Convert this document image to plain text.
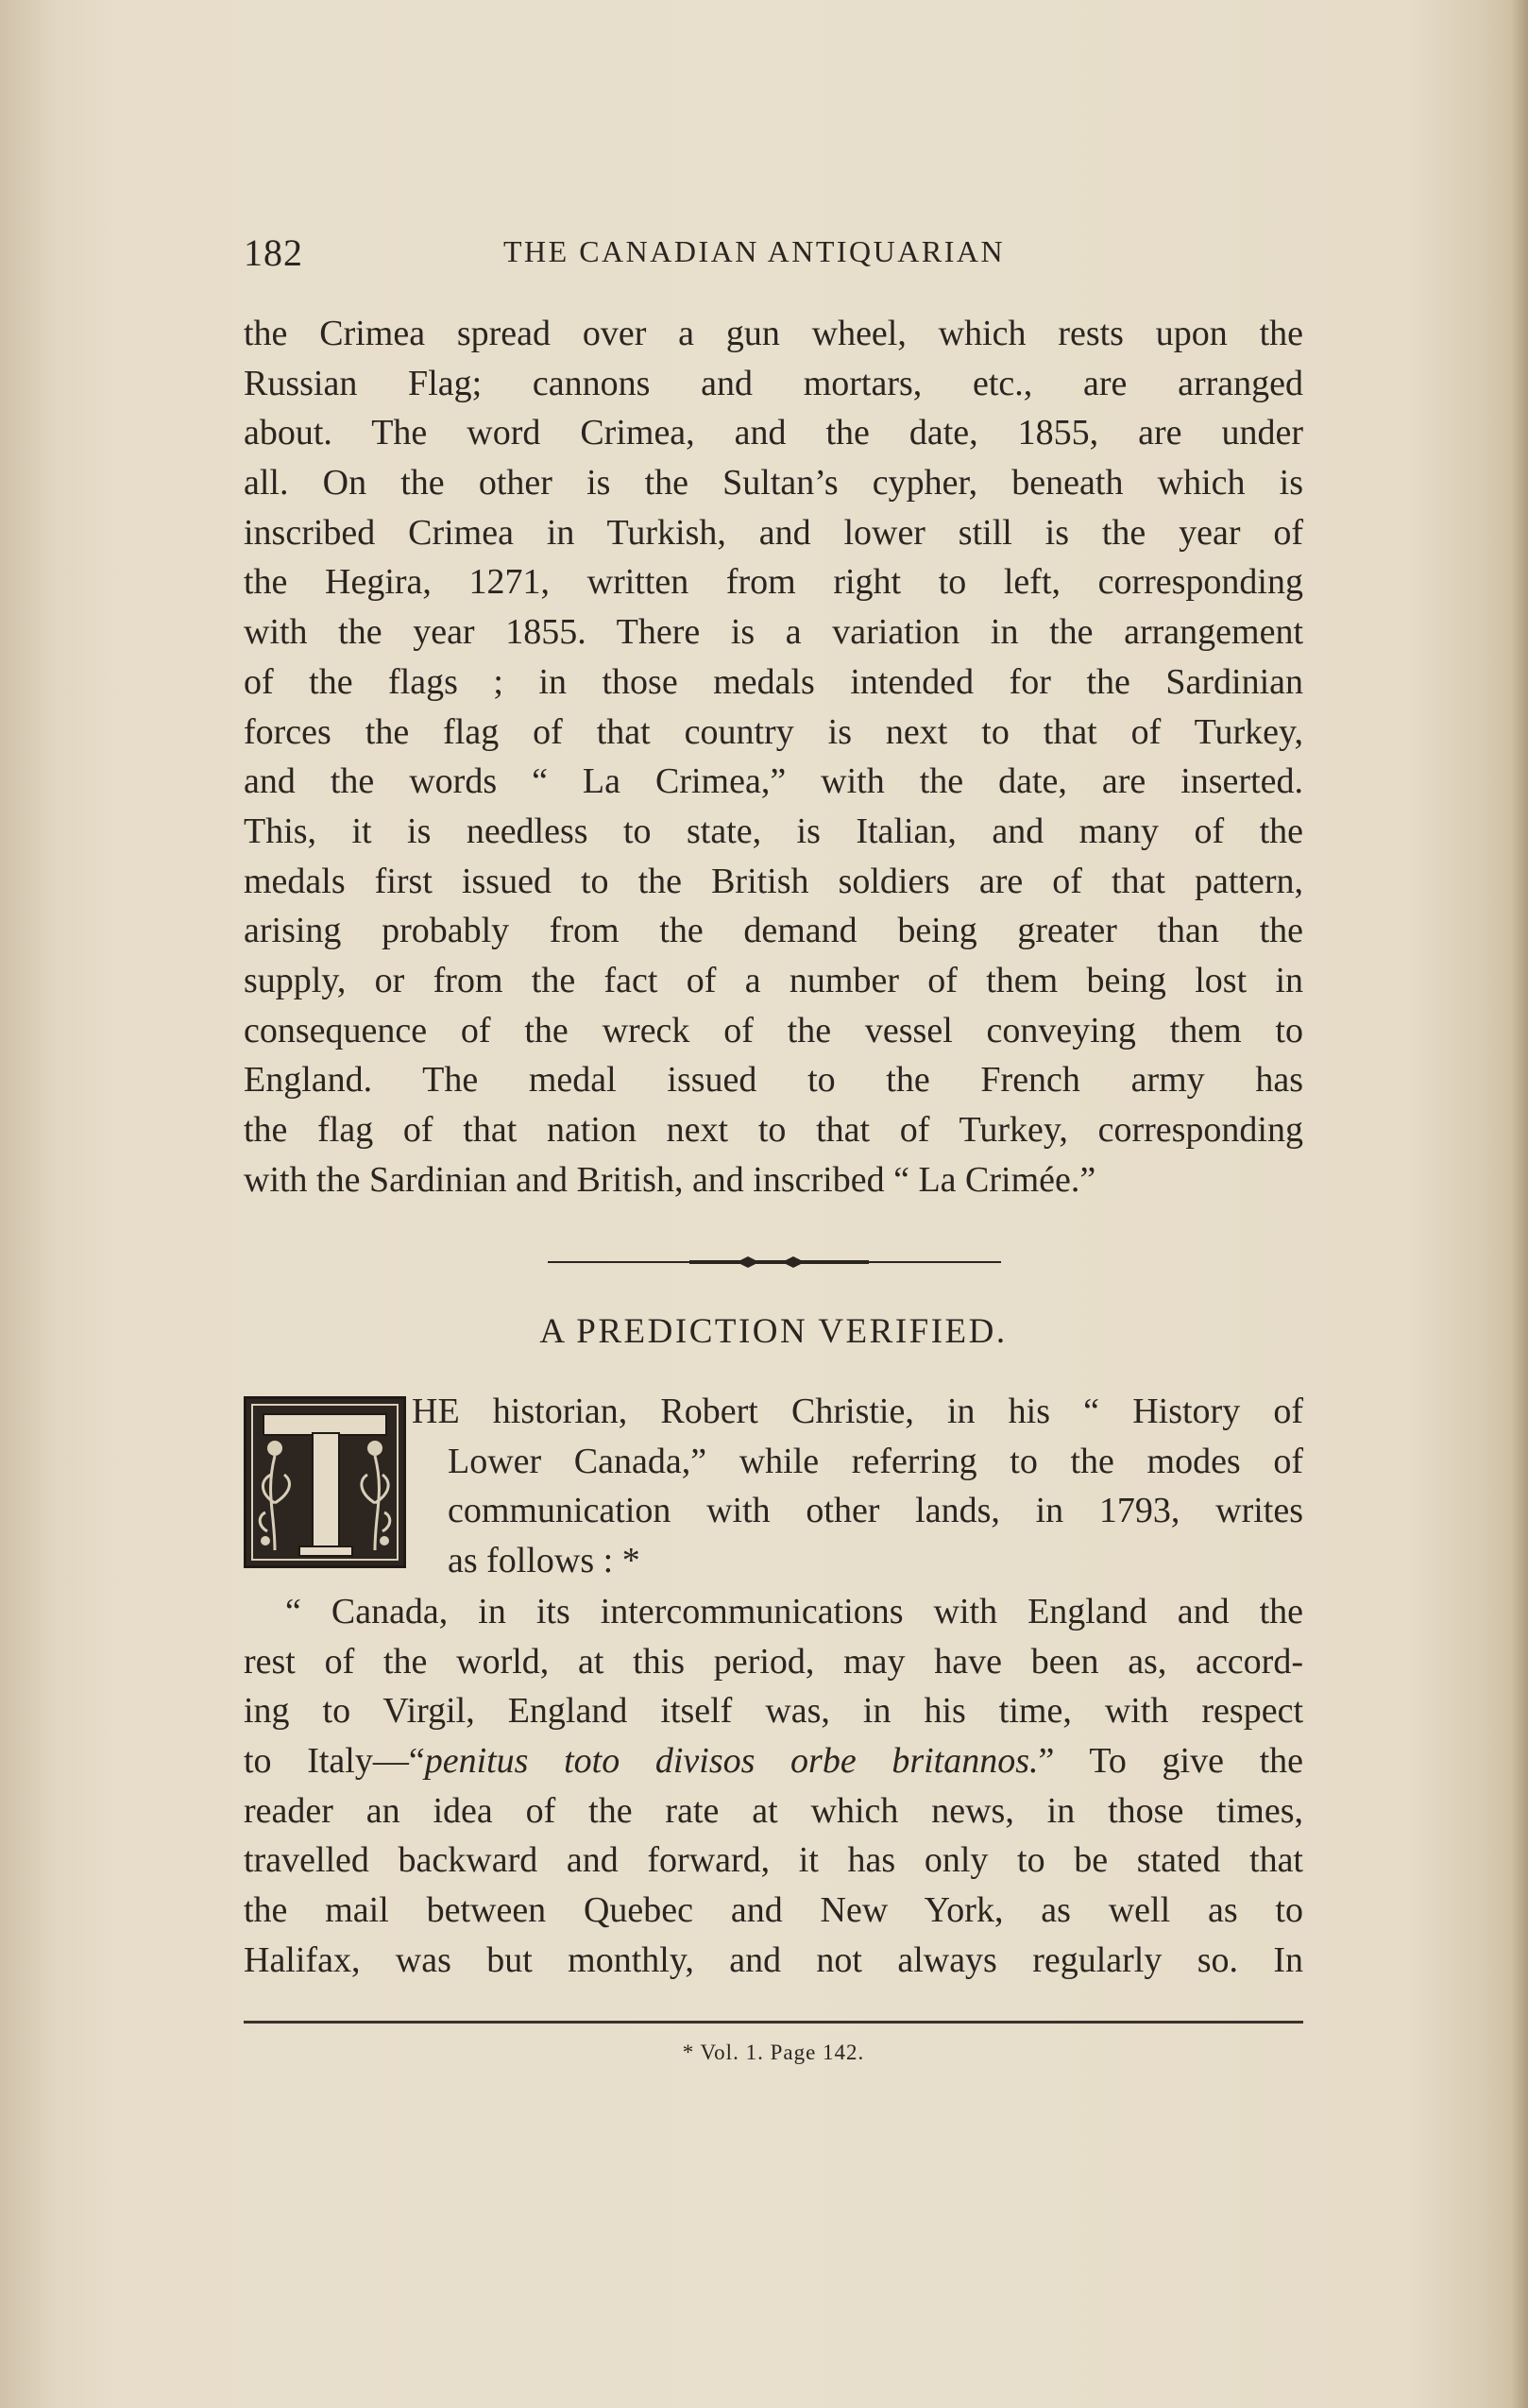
182	THE CANADIAN ANTIQUARIAN
the Crimea spread over a gun wheel, which rests upon the
Russian Flag; cannons and mortars, etc., are arranged
about. The word Crimea, and the date, 1855, are under
all. On the other is the Sultan’s cypher, beneath which is
inscribed Crimea in Turkish, and lower still is the year of
the Hegira, 1271, written from right to left, corresponding
with the year 1855. There is a variation in the arrangement
of the flags ; in those medals intended for the Sardinian
forces the flag of that country is next to that of Turkey,
and the words “ La Crimea,” with the date, are inserted.
This, it is needless to state, is Italian, and many of the
medals first issued to the British soldiers are of that pattern,
arising probably from the demand being greater than the
supply, or from the fact of a number of them being lost in
consequence of the wreck of the vessel conveying them to
England. The medal issued to the French army has
the flag of that nation next to that of Turkey, corresponding
with the Sardinian and British, and inscribed “ La Crimée.”
A PREDICTION VERIFIED.
HE historian, Robert Christie, in his “ History of
Lower Canada,” while referring to the modes of
communication with other lands, in 1793, writes
as follows : *
“ Canada, in its intercommunications with England and the
rest of the world, at this period, may have been as, accord-
ing to Virgil, England itself was, in his time, with respect
to Italy—“penitus toto divisos orbe britannos.” To give the
reader an idea of the rate at which news, in those times,
travelled backward and forward, it has only to be stated that
the mail between Quebec and New York, as well as to
Halifax, was but monthly, and not always regularly so. In
* Vol. 1. Page 142.
